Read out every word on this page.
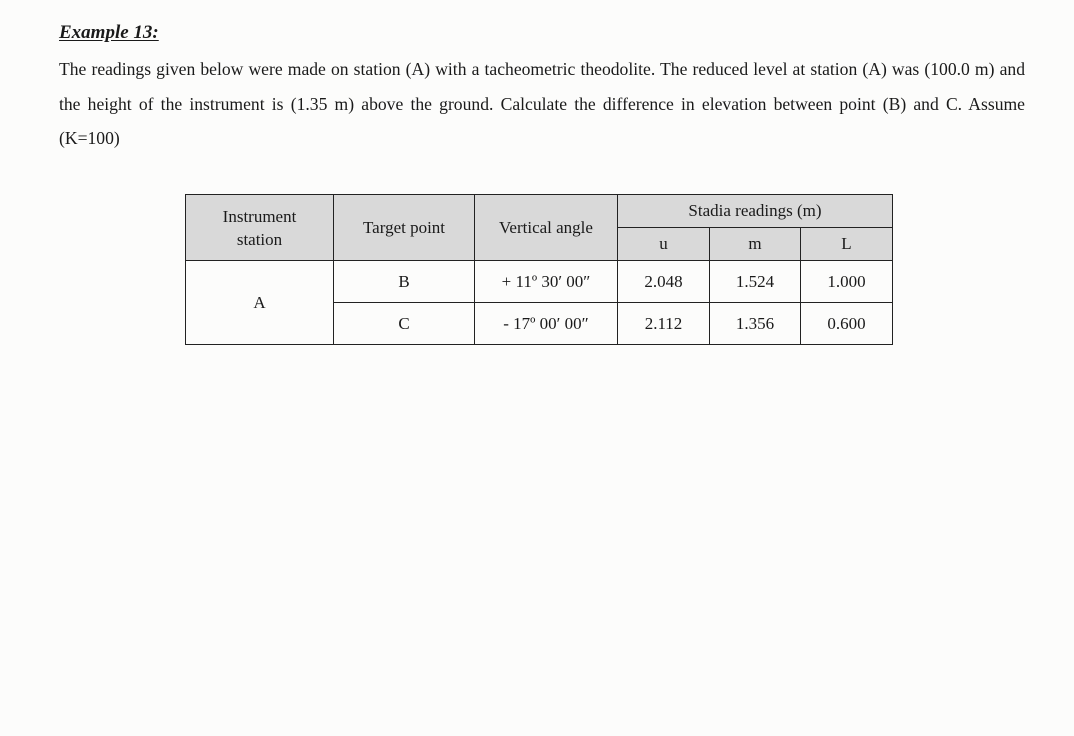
Example 13:

The readings given below were made on station (A) with a tacheometric theodolite. The reduced level at station (A) was (100.0 m) and the height of the instrument is (1.35 m) above the ground. Calculate the difference in elevation between point (B) and C. Assume (K=100)

Instrument
station	Target point	Vertical angle	Stadia readings (m)		
			u	m	L
A	B	+ 11º 30′ 00″	2.048	1.524	1.000
	C	- 17º 00′ 00″	2.112	1.356	0.600
